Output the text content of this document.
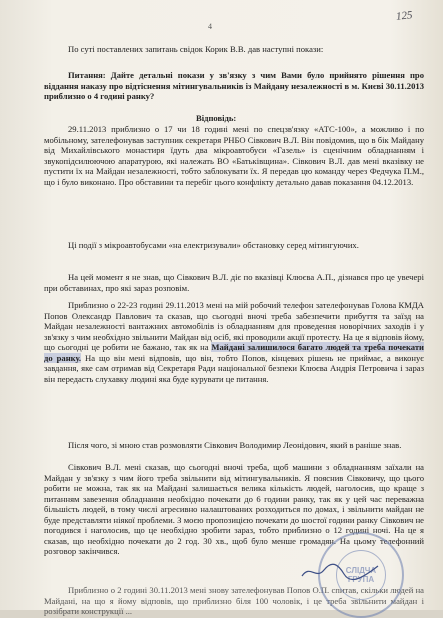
4
125
По суті поставлених запитань свідок Корик В.В. дав наступні покази:
Питання: Дайте детальні покази у зв'язку з чим Вами було прийнято рішення про віддання наказу про відтіснення мітингувальників із Майдану незалежності в м. Києві 30.11.2013 приблизно о 4 годині ранку?
Відповідь:
29.11.2013 приблизно о 17 чи 18 годині мені по спецзв'язку «АТС-100», а можливо і по мобільному, зателефонував заступник секретаря РНБО Сівкович В.Л. Він повідомив, що в бік Майдану від Михайлівського монастиря їдуть два мікроавтобуси «Газель» із сценічним обладнанням і звукопідсилюючою апаратурою, які належать ВО «Батьківщина». Сівкович В.Л. дав мені вказівку не пустити їх на Майдан незалежності, тобто заблокувати їх. Я передав цю команду через Федчука П.М., що і було виконано. Про обставини та перебіг цього конфлікту детально давав показання 04.12.2013.
Ці події з мікроавтобусами «на електризували» обстановку серед мітингуючих.
На цей момент я не знав, що Сівкович В.Л. діє по вказівці Клюєва А.П., дізнався про це увечері при обставинах, про які зараз розповім.
Приблизно о 22-23 годині 29.11.2013 мені на мій робочий телефон зателефонував Голова КМДА Попов Олександр Павлович та сказав, що сьогодні вночі треба забезпечити прибуття та заїзд на Майдан незалежності вантажних автомобілів із обладнанням для проведення новорічних заходів і у зв'язку з чим необхідно звільнити Майдан від осіб, які проводили акції протесту. На це я відповів йому, що сьогодні це робити не бажано, так як на Майдані залишилося багато людей та треба почекати до ранку. На що він мені відповів, що він, тобто Попов, кінцевих рішень не приймає, а виконує завдання, яке сам отримав від Секретаря Ради національної безпеки Клюєва Андрія Петровича і зараз він передасть слухавку людині яка буде курувати це питання.
Після чого, зі мною став розмовляти Сівкович Володимир Леонідович, який в раніше знав.
Сівкович В.Л. мені сказав, що сьогодні вночі треба, щоб машини з обладнанням заїхали на Майдан у зв'язку з чим його треба звільнити від мітингувальників. Я пояснив Сівковичу, що цього робити не можна, так як на Майдані залишається велика кількість людей, наголосив, що краще з питанням завезення обладнання необхідно почекати до 6 години ранку, так як у цей час переважна більшість людей, в тому числі агресивно налаштованих розходиться по домах, і звільнити майдан не буде представляти ніякої проблеми. З моєю пропозицією почекати до шостої години ранку Сівкович не погодився і наголосив, що це необхідно зробити зараз, тобто приблизно о 12 годині ночі. На це я сказав, що необхідно почекати до 2 год. 30 хв., щоб було менше громадян. На цьому телефонний розговор закінчився.
Приблизно о 2 годині 30.11.2013 мені знову зателефонував Попов О.П. спитав, скільки людей на Майдані, на що я йому відповів, що приблизно біля 100 чоловік, і це треба звільнити майдан і розібрати конструкції ...
СЛІДЧА ГРУПА
